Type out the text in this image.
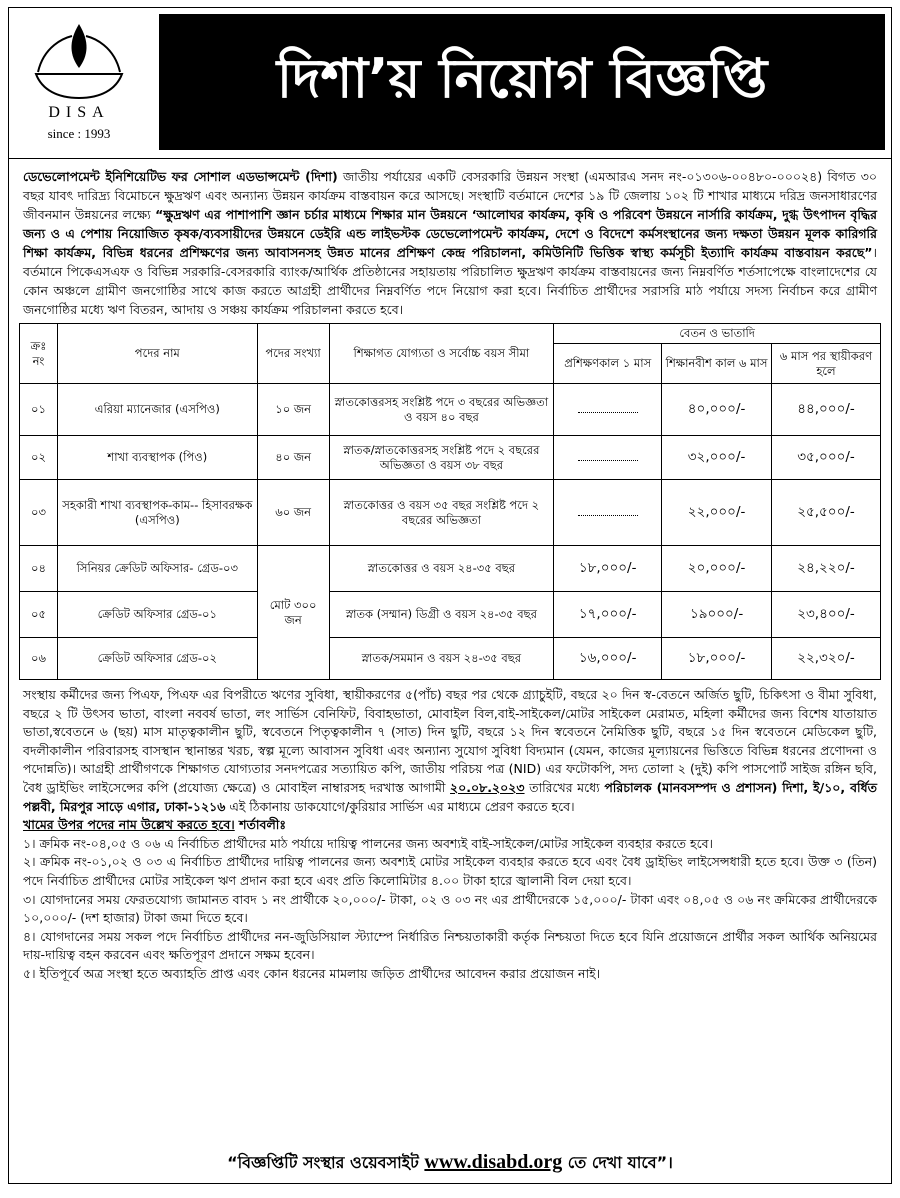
DISA
since : 1993
দিশা’য় নিয়োগ বিজ্ঞপ্তি
ডেভেলোপমেন্ট ইনিশিয়েটিভ ফর সোশাল এডভান্সমেন্ট (দিশা) জাতীয় পর্যায়ের একটি বেসরকারি উন্নয়ন সংস্থা (এমআরএ সনদ নং-০১৩০৬-০০৪৮০-০০০২৪) বিগত ৩০ বছর যাবৎ দারিদ্র্য বিমোচনে ক্ষুদ্রঋণ এবং অন্যান্য উন্নয়ন কার্যক্রম বাস্তবায়ন করে আসছে। সংস্থাটি বর্তমানে দেশের ১৯ টি জেলায় ১০২ টি শাখার মাধ্যমে দরিদ্র জনসাধারণের জীবনমান উন্নয়নের লক্ষ্যে “ক্ষুদ্রঋণ এর পাশাপাশি জ্ঞান চর্চার মাধ্যমে শিক্ষার মান উন্নয়নে ‘আলোঘর কার্যক্রম, কৃষি ও পরিবেশ উন্নয়নে নার্সারি কার্যক্রম, দুগ্ধ উৎপাদন বৃদ্ধির জন্য ও এ পেশায় নিয়োজিত কৃষক/ব্যবসায়ীদের উন্নয়নে ডেইরি এন্ড লাইভস্টক ডেভেলোপমেন্ট কার্যক্রম, দেশে ও বিদেশে কর্মসংস্থানের জন্য দক্ষতা উন্নয়ন মূলক কারিগরি শিক্ষা কার্যক্রম, বিভিন্ন ধরনের প্রশিক্ষণের জন্য আবাসনসহ উন্নত মানের প্রশিক্ষণ কেন্দ্র পরিচালনা, কমিউনিটি ভিত্তিক স্বাস্থ্য কর্মসূচী ইত্যাদি কার্যক্রম বাস্তবায়ন করছে”। বর্তমানে পিকেএসএফ ও বিভিন্ন সরকারি-বেসরকারি ব্যাংক/আর্থিক প্রতিষ্ঠানের সহায়তায় পরিচালিত ক্ষুদ্রঋণ কার্যক্রম বাস্তবায়নের জন্য নিম্নবর্ণিত শর্তসাপেক্ষে বাংলাদেশের যে কোন অঞ্চলে গ্রামীণ জনগোষ্ঠির সাথে কাজ করতে আগ্রহী প্রার্থীদের নিম্নবর্ণিত পদে নিয়োগ করা হবে। নির্বাচিত প্রার্থীদের সরাসরি মাঠ পর্যায়ে সদস্য নির্বাচন করে গ্রামীণ জনগোষ্ঠির মধ্যে ঋণ বিতরন, আদায় ও সঞ্চয় কার্যক্রম পরিচালনা করতে হবে।
ক্রঃ নং	পদের নাম	পদের সংখ্যা	শিক্ষাগত যোগ্যতা ও সর্বোচ্চ বয়স সীমা	বেতন ও ভাতাদি		
				প্রশিক্ষণকাল ১ মাস	শিক্ষানবীশ কাল ৬ মাস	৬ মাস পর স্থায়ীকরণ হলে
০১	এরিয়া ম্যানেজার (এসপিও)	১০ জন	স্নাতকোত্তরসহ সংশ্লিষ্ট পদে ৩ বছরের অভিজ্ঞতা ও বয়স ৪০ বছর		৪০,০০০/-	৪৪,০০০/-
০২	শাখা ব্যবস্থাপক (পিও)	৪০ জন	স্নাতক/স্নাতকোত্তরসহ সংশ্লিষ্ট পদে ২ বছরের অভিজ্ঞতা ও বয়স ৩৮ বছর		৩২,০০০/-	৩৫,০০০/-
০৩	সহকারী শাখা ব্যবস্থাপক-কাম-- হিসাবরক্ষক (এসপিও)	৬০ জন	স্নাতকোত্তর ও বয়স ৩৫ বছর সংশ্লিষ্ট পদে ২ বছরের অভিজ্ঞতা		২২,০০০/-	২৫,৫০০/-
০৪	সিনিয়র ক্রেডিট অফিসার- গ্রেড-০৩	মোট ৩০০ জন	স্নাতকোত্তর ও বয়স ২৪-৩৫ বছর	১৮,০০০/-	২০,০০০/-	২৪,২২০/-
০৫	ক্রেডিট অফিসার গ্রেড-০১		স্নাতক (সম্মান) ডিগ্রী ও বয়স ২৪-৩৫ বছর	১৭,০০০/-	১৯০০০/-	২৩,৪০০/-
০৬	ক্রেডিট অফিসার গ্রেড-০২		স্নাতক/সমমান ও বয়স ২৪-৩৫ বছর	১৬,০০০/-	১৮,০০০/-	২২,৩২০/-

সংস্থায় কর্মীদের জন্য পিএফ, পিএফ এর বিপরীতে ঋণের সুবিধা, স্থায়ীকরণের ৫(পাঁচ) বছর পর থেকে গ্র্যাচুইটি, বছরে ২০ দিন স্ব-বেতনে অর্জিত ছুটি, চিকিৎসা ও বীমা সুবিধা, বছরে ২ টি উৎসব ভাতা, বাংলা নববর্ষ ভাতা, লং সার্ভিস বেনিফিট, বিবাহভাতা, মোবাইল বিল,বাই-সাইকেল/মোটর সাইকেল মেরামত, মহিলা কর্মীদের জন্য বিশেষ যাতায়াত ভাতা,স্ববেতনে ৬ (ছয়) মাস মাতৃত্বকালীন ছুটি, স্ববেতনে পিতৃত্বকালীন ৭ (সাত) দিন ছুটি, বছরে ১২ দিন স্ববেতনে নৈমিত্তিক ছুটি, বছরে ১৫ দিন স্ববেতনে মেডিকেল ছুটি, বদলীকালীন পরিবারসহ বাসস্থান স্থানান্তর খরচ, স্বল্প মূল্যে আবাসন সুবিধা এবং অন্যান্য সুযোগ সুবিধা বিদ্যমান (যেমন, কাজের মূল্যায়নের ভিত্তিতে বিভিন্ন ধরনের প্রণোদনা ও পদোন্নতি)। আগ্রহী প্রার্থীগণকে শিক্ষাগত যোগ্যতার সনদপত্রের সত্যায়িত কপি, জাতীয় পরিচয় পত্র (NID) এর ফটোকপি, সদ্য তোলা ২ (দুই) কপি পাসপোর্ট সাইজ রঙ্গিন ছবি, বৈধ ড্রাইভিং লাইসেন্সের কপি (প্রযোজ্য ক্ষেত্রে) ও মোবাইল নাম্বারসহ দরখাস্ত আগামী ২০.০৮.২০২৩ তারিখের মধ্যে পরিচালক (মানবসম্পদ ও প্রশাসন) দিশা, ই/১০, বর্ধিত পল্লবী, মিরপুর সাড়ে এগার, ঢাকা-১২১৬ এই ঠিকানায় ডাকযোগে/কুরিয়ার সার্ভিস এর মাধ্যমে প্রেরণ করতে হবে।

খামের উপর পদের নাম উল্লেখ করতে হবে। শর্তাবলীঃ

১। ক্রমিক নং-০৪,০৫ ও ০৬ এ নির্বাচিত প্রার্থীদের মাঠ পর্যায়ে দায়িত্ব পালনের জন্য অবশ্যই বাই-সাইকেল/মোটর সাইকেল ব্যবহার করতে হবে।

২। ক্রমিক নং-০১,০২ ও ০৩ এ নির্বাচিত প্রার্থীদের দায়িত্ব পালনের জন্য অবশ্যই মোটর সাইকেল ব্যবহার করতে হবে এবং বৈধ ড্রাইভিং লাইসেন্সধারী হতে হবে। উক্ত ৩ (তিন) পদে নির্বাচিত প্রার্থীদের মোটর সাইকেল ঋণ প্রদান করা হবে এবং প্রতি কিলোমিটার ৪.০০ টাকা হারে জ্বালানী বিল দেয়া হবে।

৩। যোগদানের সময় ফেরতযোগ্য জামানত বাবদ ১ নং প্রার্থীকে ২০,০০০/- টাকা, ০২ ও ০৩ নং এর প্রার্থীদেরকে ১৫,০০০/- টাকা এবং ০৪,০৫ ও ০৬ নং ক্রমিকের প্রার্থীদেরকে ১০,০০০/- (দশ হাজার) টাকা জমা দিতে হবে।

৪। যোগদানের সময় সকল পদে নির্বাচিত প্রার্থীদের নন-জুডিসিয়াল স্ট্যাম্পে নির্ধারিত নিশ্চয়তাকারী কর্তৃক নিশ্চয়তা দিতে হবে যিনি প্রয়োজনে প্রার্থীর সকল আর্থিক অনিয়মের দায়-দায়িত্ব বহন করবেন এবং ক্ষতিপূরণ প্রদানে সক্ষম হবেন।

৫। ইতিপূর্বে অত্র সংস্থা হতে অব্যাহতি প্রাপ্ত এবং কোন ধরনের মামলায় জড়িত প্রার্থীদের আবেদন করার প্রয়োজন নাই।

“বিজ্ঞপ্তিটি সংস্থার ওয়েবসাইট www.disabd.org তে দেখা যাবে”।
